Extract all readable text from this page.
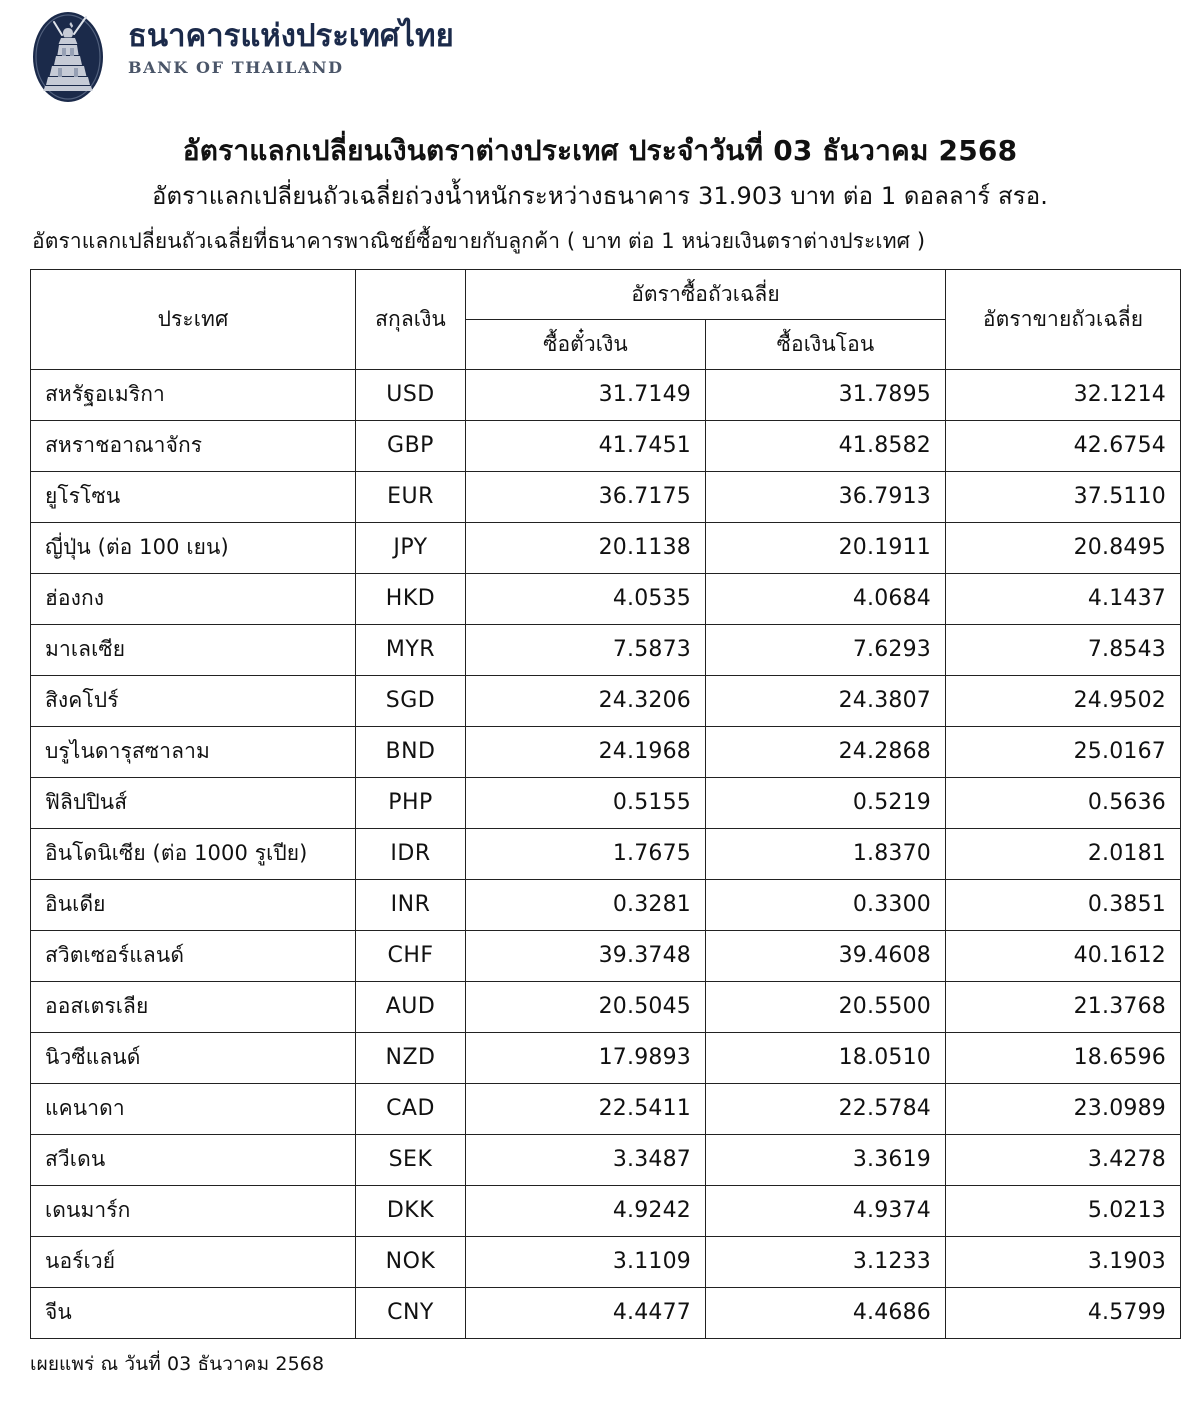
ธนาคารแห่งประเทศไทย
BANK OF THAILAND
อัตราแลกเปลี่ยนเงินตราต่างประเทศ ประจำวันที่ 03 ธันวาคม 2568
อัตราแลกเปลี่ยนถัวเฉลี่ยถ่วงน้ำหนักระหว่างธนาคาร 31.903 บาท ต่อ 1 ดอลลาร์ สรอ.
อัตราแลกเปลี่ยนถัวเฉลี่ยที่ธนาคารพาณิชย์ซื้อขายกับลูกค้า ( บาท ต่อ 1 หน่วยเงินตราต่างประเทศ )
ประเทศ	สกุลเงิน	อัตราซื้อถัวเฉลี่ย		อัตราขายถัวเฉลี่ย
		ซื้อตั๋วเงิน	ซื้อเงินโอน	
สหรัฐอเมริกา	USD	31.7149	31.7895	32.1214
สหราชอาณาจักร	GBP	41.7451	41.8582	42.6754
ยูโรโซน	EUR	36.7175	36.7913	37.5110
ญี่ปุ่น (ต่อ 100 เยน)	JPY	20.1138	20.1911	20.8495
ฮ่องกง	HKD	4.0535	4.0684	4.1437
มาเลเซีย	MYR	7.5873	7.6293	7.8543
สิงคโปร์	SGD	24.3206	24.3807	24.9502
บรูไนดารุสซาลาม	BND	24.1968	24.2868	25.0167
ฟิลิปปินส์	PHP	0.5155	0.5219	0.5636
อินโดนิเซีย (ต่อ 1000 รูเปีย)	IDR	1.7675	1.8370	2.0181
อินเดีย	INR	0.3281	0.3300	0.3851
สวิตเซอร์แลนด์	CHF	39.3748	39.4608	40.1612
ออสเตรเลีย	AUD	20.5045	20.5500	21.3768
นิวซีแลนด์	NZD	17.9893	18.0510	18.6596
แคนาดา	CAD	22.5411	22.5784	23.0989
สวีเดน	SEK	3.3487	3.3619	3.4278
เดนมาร์ก	DKK	4.9242	4.9374	5.0213
นอร์เวย์	NOK	3.1109	3.1233	3.1903
จีน	CNY	4.4477	4.4686	4.5799
เผยแพร่ ณ วันที่ 03 ธันวาคม 2568
